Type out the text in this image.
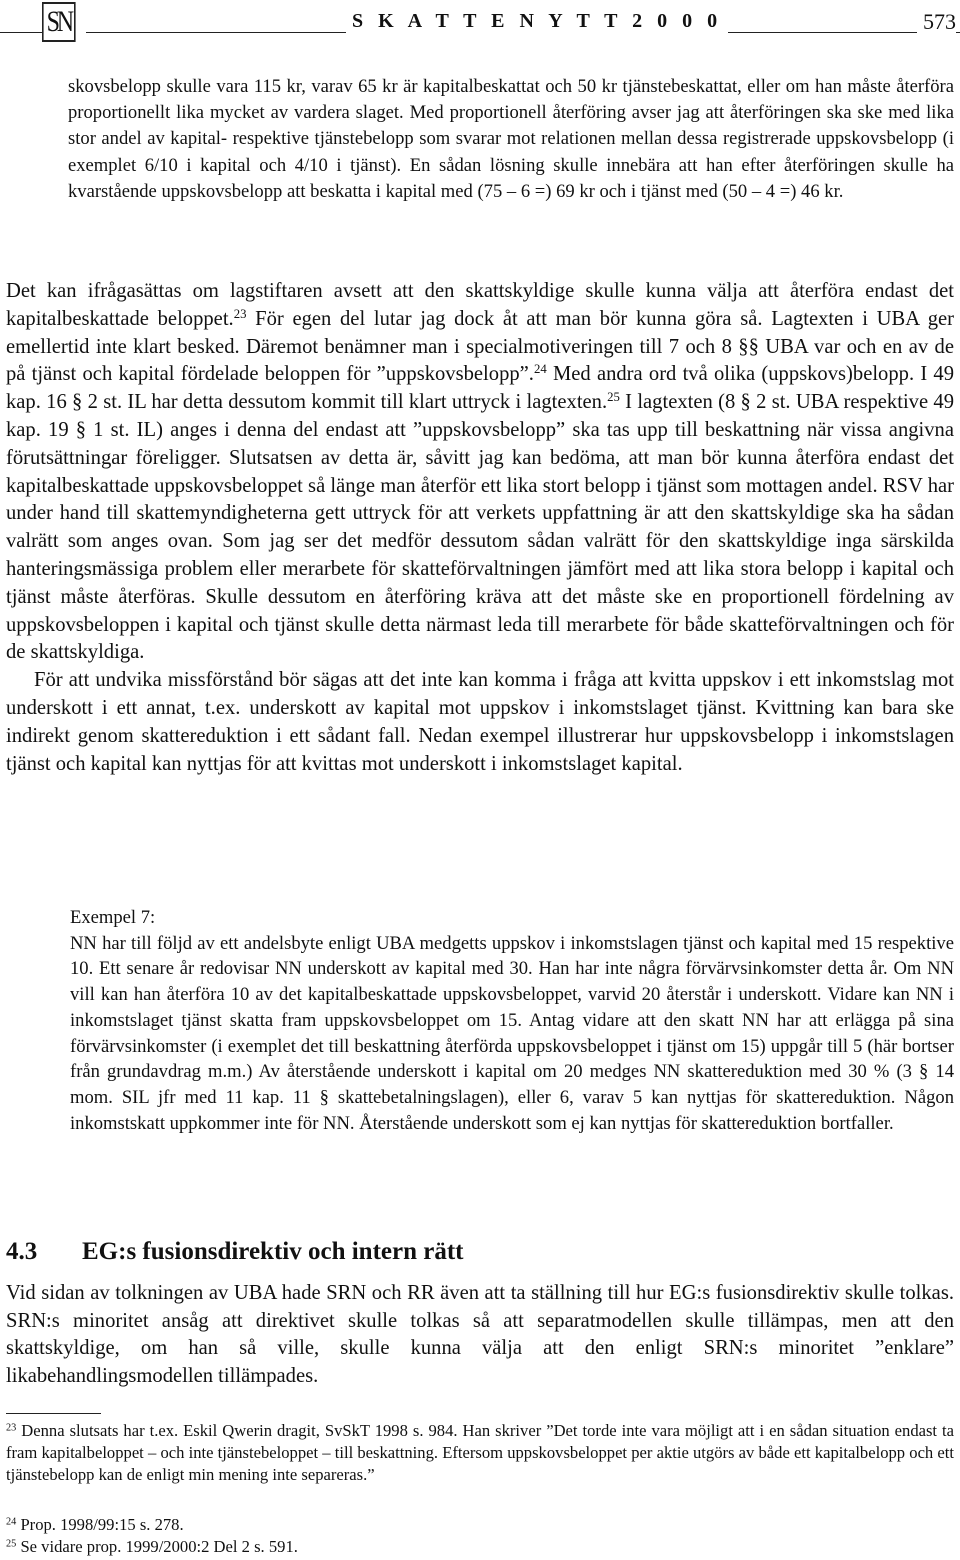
SN	S K A T T E N Y T T 2 0 0 0	573
skovsbelopp skulle vara 115 kr, varav 65 kr är kapitalbeskattat och 50 kr tjänstebeskattat, eller om han måste återföra proportionellt lika mycket av vardera slaget. Med proportionell återföring avser jag att återföringen ska ske med lika stor andel av kapital- respektive tjänstebelopp som svarar mot relationen mellan dessa registrerade uppskovsbelopp (i exemplet 6/10 i kapital och 4/10 i tjänst). En sådan lösning skulle innebära att han efter återföringen skulle ha kvarstående uppskovsbelopp att beskatta i kapital med (75 – 6 =) 69 kr och i tjänst med (50 – 4 =) 46 kr.
Det kan ifrågasättas om lagstiftaren avsett att den skattskyldige skulle kunna välja att återföra endast det kapitalbeskattade beloppet.$^{23}$ För egen del lutar jag dock åt att man bör kunna göra så. Lagtexten i UBA ger emellertid inte klart besked. Däremot benämner man i specialmotiveringen till 7 och 8 §§ UBA var och en av de på tjänst och kapital fördelade beloppen för ”uppskovsbelopp”.$^{24}$ Med andra ord två olika (uppskovs)belopp. I 49 kap. 16 § 2 st. IL har detta dessutom kommit till klart uttryck i lagtexten.$^{25}$ I lagtexten (8 § 2 st. UBA respektive 49 kap. 19 § 1 st. IL) anges i denna del endast att ”uppskovsbelopp” ska tas upp till beskattning när vissa angivna förutsättningar föreligger. Slutsatsen av detta är, såvitt jag kan bedöma, att man bör kunna återföra endast det kapitalbeskattade uppskovsbeloppet så länge man återför ett lika stort belopp i tjänst som mottagen andel. RSV har under hand till skattemyndigheterna gett uttryck för att verkets uppfattning är att den skattskyldige ska ha sådan valrätt som anges ovan. Som jag ser det medför dessutom sådan valrätt för den skattskyldige inga särskilda hanteringsmässiga problem eller merarbete för skatteförvaltningen jämfört med att lika stora belopp i kapital och tjänst måste återföras. Skulle dessutom en återföring kräva att det måste ske en proportionell fördelning av uppskovsbeloppen i kapital och tjänst skulle detta närmast leda till merarbete för både skatteförvaltningen och för de skattskyldiga.
För att undvika missförstånd bör sägas att det inte kan komma i fråga att kvitta uppskov i ett inkomstslag mot underskott i ett annat, t.ex. underskott av kapital mot uppskov i inkomstslaget tjänst. Kvittning kan bara ske indirekt genom skattereduktion i ett sådant fall. Nedan exempel illustrerar hur uppskovsbelopp i inkomstslagen tjänst och kapital kan nyttjas för att kvittas mot underskott i inkomstslaget kapital.
Exempel 7:
NN har till följd av ett andelsbyte enligt UBA medgetts uppskov i inkomstslagen tjänst och kapital med 15 respektive 10. Ett senare år redovisar NN underskott av kapital med 30. Han har inte några förvärvsinkomster detta år. Om NN vill kan han återföra 10 av det kapitalbeskattade uppskovsbeloppet, varvid 20 återstår i underskott. Vidare kan NN i inkomstslaget tjänst skatta fram uppskovsbeloppet om 15. Antag vidare att den skatt NN har att erlägga på sina förvärvsinkomster (i exemplet det till beskattning återförda uppskovsbeloppet i tjänst om 15) uppgår till 5 (här bortser från grundavdrag m.m.) Av återstående underskott i kapital om 20 medges NN skattereduktion med 30 % (3 § 14 mom. SIL jfr med 11 kap. 11 § skattebetalningslagen), eller 6, varav 5 kan nyttjas för skattereduktion. Någon inkomstskatt uppkommer inte för NN. Återstående underskott som ej kan nyttjas för skattereduktion bortfaller.
4.3 EG:s fusionsdirektiv och intern rätt
Vid sidan av tolkningen av UBA hade SRN och RR även att ta ställning till hur EG:s fusionsdirektiv skulle tolkas. SRN:s minoritet ansåg att direktivet skulle tolkas så att separatmodellen skulle tillämpas, men att den skattskyldige, om han så ville, skulle kunna välja att den enligt SRN:s minoritet ”enklare” likabehandlingsmodellen tillämpades.
$^{23}$ Denna slutsats har t.ex. Eskil Qwerin dragit, SvSkT 1998 s. 984. Han skriver ”Det torde inte vara möjligt att i en sådan situation endast ta fram kapitalbeloppet – och inte tjänstebeloppet – till beskattning. Eftersom uppskovsbeloppet per aktie utgörs av både ett kapitalbelopp och ett tjänstebelopp kan de enligt min mening inte separeras.”
$^{24}$ Prop. 1998/99:15 s. 278.
$^{25}$ Se vidare prop. 1999/2000:2 Del 2 s. 591.
